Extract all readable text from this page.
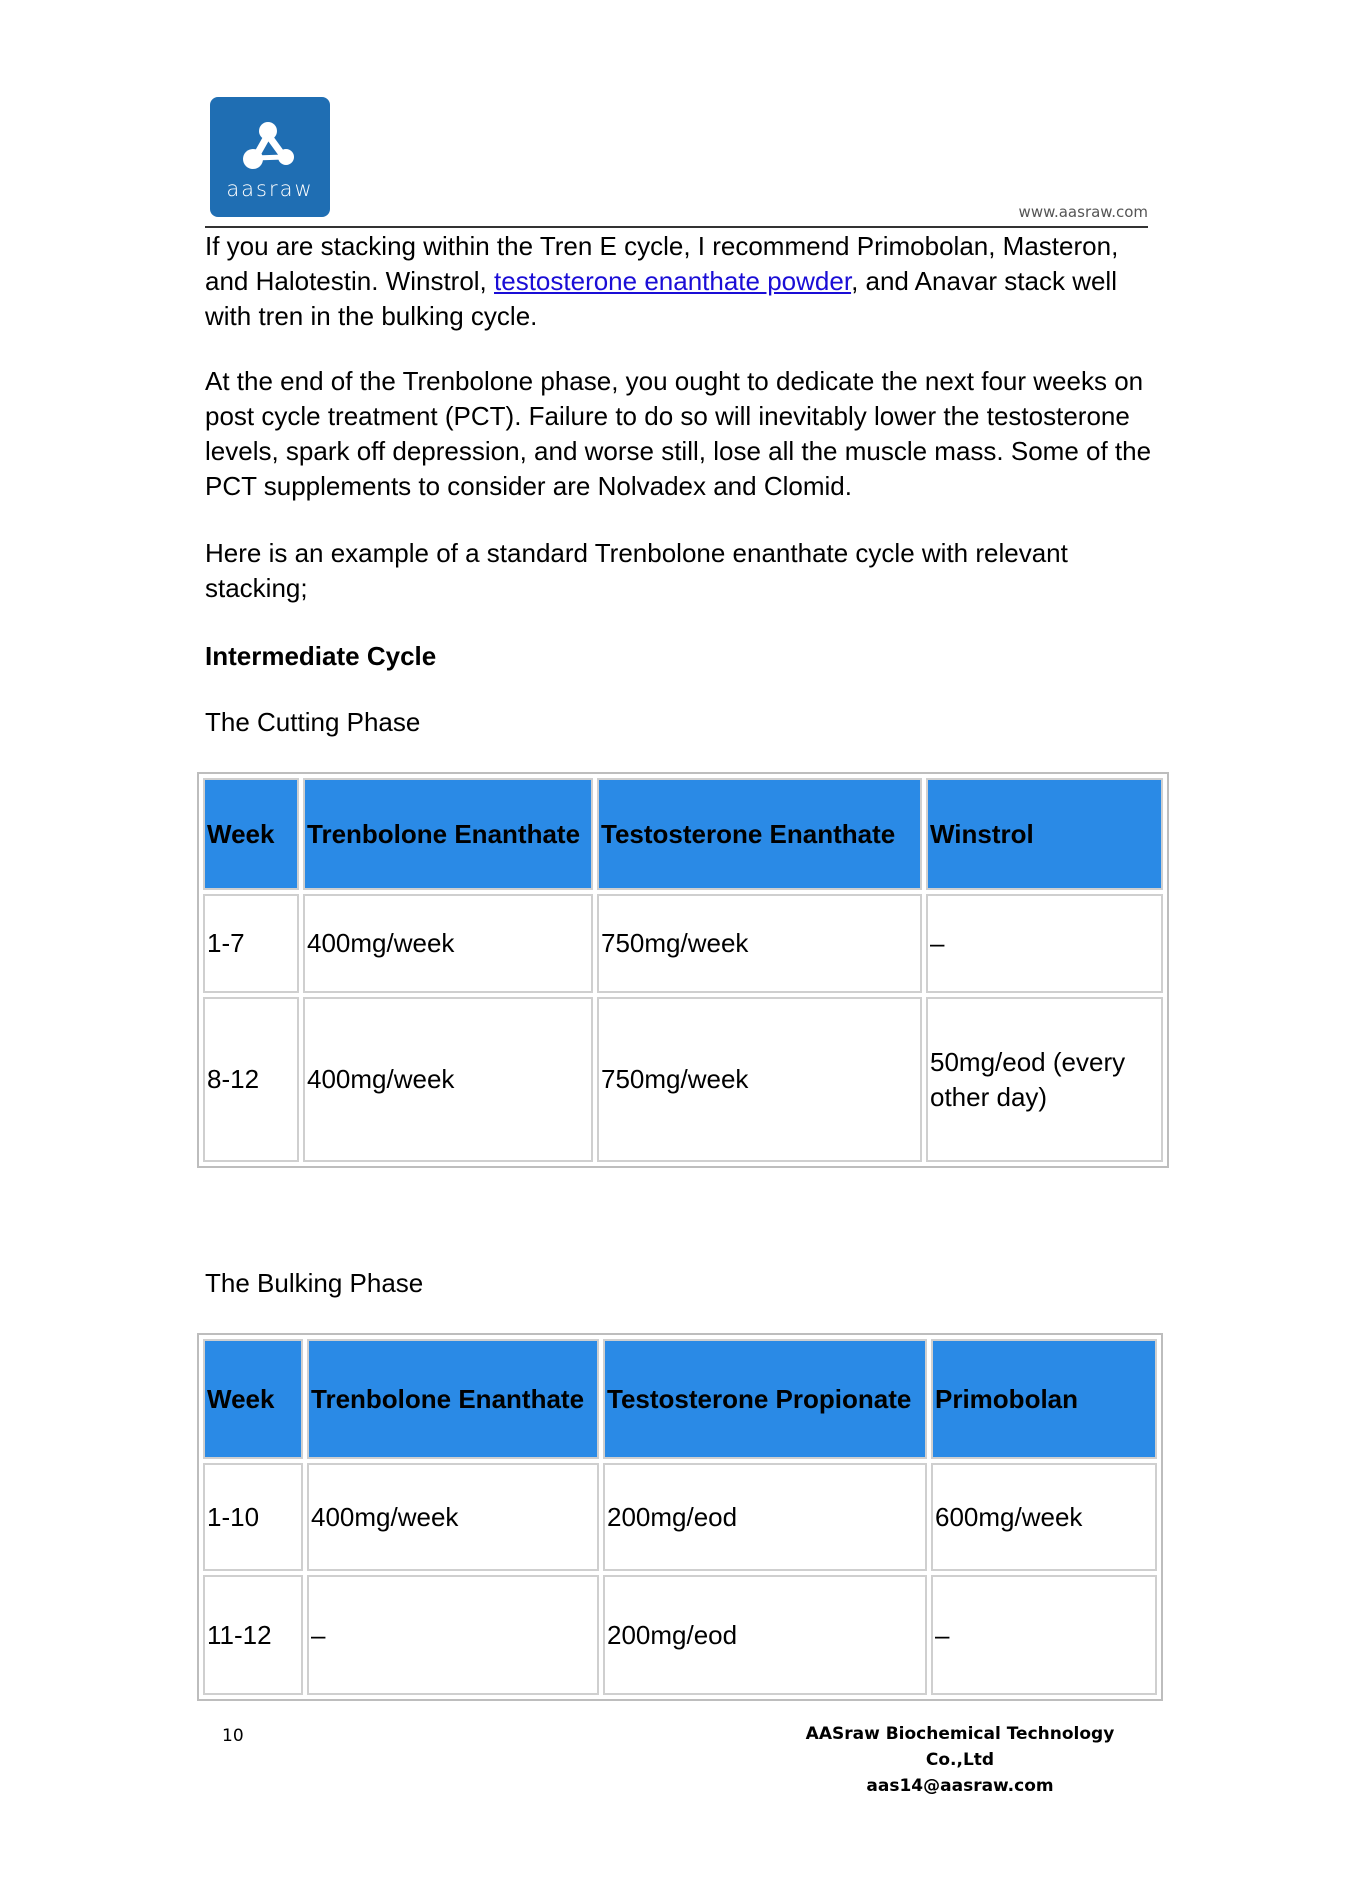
aasraw
www.aasraw.com

If you are stacking within the Tren E cycle, I recommend Primobolan, Masteron, and Halotestin. Winstrol, testosterone enanthate powder, and Anavar stack well with tren in the bulking cycle.

At the end of the Trenbolone phase, you ought to dedicate the next four weeks on post cycle treatment (PCT). Failure to do so will inevitably lower the testosterone levels, spark off depression, and worse still, lose all the muscle mass. Some of the PCT supplements to consider are Nolvadex and Clomid.

Here is an example of a standard Trenbolone enanthate cycle with relevant stacking;

Intermediate Cycle

The Cutting Phase

Week	Trenbolone Enanthate	Testosterone Enanthate	Winstrol
1-7	400mg/week	750mg/week	–
8-12	400mg/week	750mg/week	50mg/eod (every other day)

The Bulking Phase

Week	Trenbolone Enanthate	Testosterone Propionate	Primobolan
1-10	400mg/week	200mg/eod	600mg/week
11-12	–	200mg/eod	–
10	AASraw Biochemical Technology Co.,Ltd
aas14@aasraw.com
